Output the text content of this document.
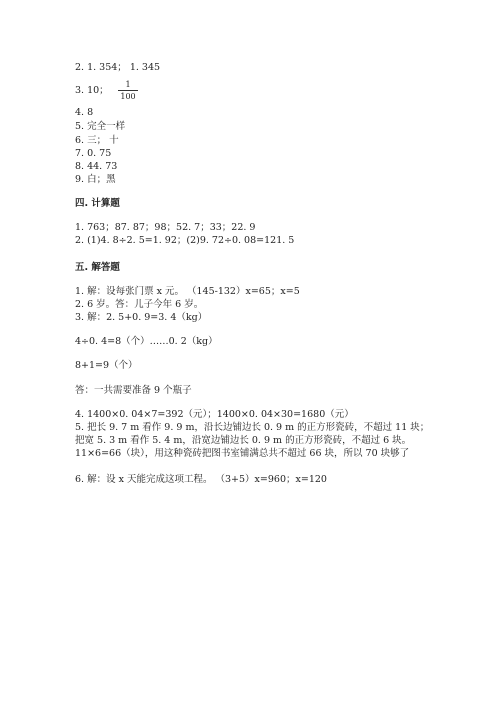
2. 1. 354； 1. 345
3. 10；
1
100
4. 8
5. 完全一样
6. 三； 十
7. 0. 75
8. 44. 73
9. 白；黑
四. 计算题
1. 763；87. 87；98；52. 7；33；22. 9
2. (1)4. 8÷2. 5=1. 92；(2)9. 72÷0. 08=121. 5
五. 解答题
1. 解：设每张门票 x 元。 （145-132）x=65；x=5
2. 6 岁。答：儿子今年 6 岁。
3. 解：2. 5+0. 9=3. 4（kg）
4÷0. 4=8（个）……0. 2（kg）
8+1=9（个）
答：一共需要准备 9 个瓶子
4. 1400×0. 04×7=392（元）；1400×0. 04×30=1680（元）
5. 把长 9. 7 m 看作 9. 9 m，沿长边铺边长 0. 9 m 的正方形瓷砖，不超过 11 块；
把宽 5. 3 m 看作 5. 4 m，沿宽边铺边长 0. 9 m 的正方形瓷砖，不超过 6 块。
11×6=66（块），用这种瓷砖把图书室铺满总共不超过 66 块，所以 70 块够了
6. 解：设 x 天能完成这项工程。 （3+5）x=960；x=120
